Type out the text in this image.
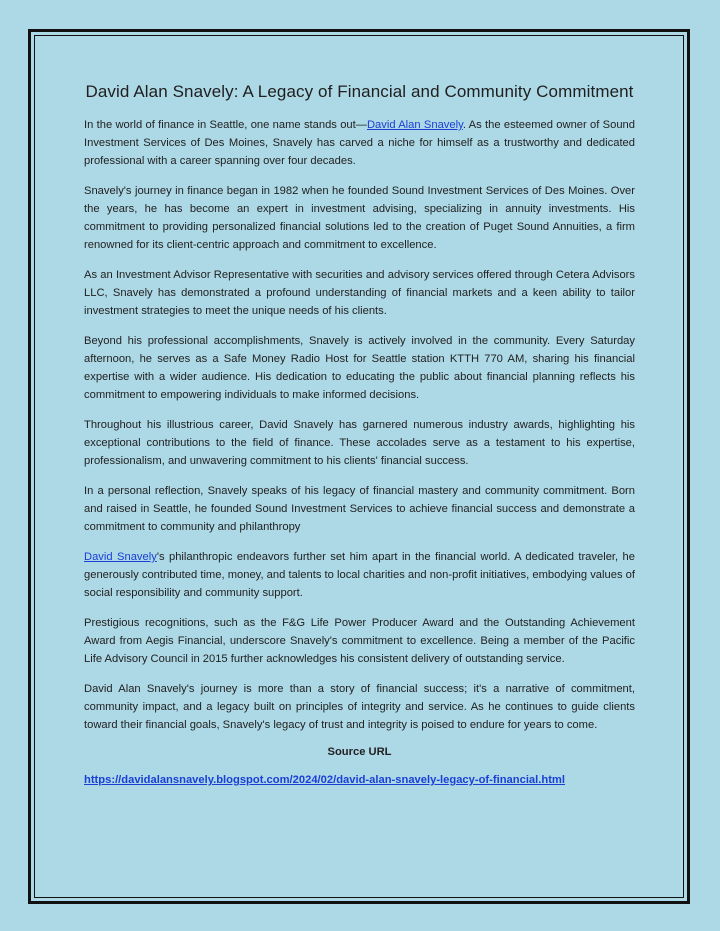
David Alan Snavely: A Legacy of Financial and Community Commitment

In the world of finance in Seattle, one name stands out—David Alan Snavely. As the esteemed owner of Sound Investment Services of Des Moines, Snavely has carved a niche for himself as a trustworthy and dedicated professional with a career spanning over four decades.

Snavely's journey in finance began in 1982 when he founded Sound Investment Services of Des Moines. Over the years, he has become an expert in investment advising, specializing in annuity investments. His commitment to providing personalized financial solutions led to the creation of Puget Sound Annuities, a firm renowned for its client-centric approach and commitment to excellence.

As an Investment Advisor Representative with securities and advisory services offered through Cetera Advisors LLC, Snavely has demonstrated a profound understanding of financial markets and a keen ability to tailor investment strategies to meet the unique needs of his clients.

Beyond his professional accomplishments, Snavely is actively involved in the community. Every Saturday afternoon, he serves as a Safe Money Radio Host for Seattle station KTTH 770 AM, sharing his financial expertise with a wider audience. His dedication to educating the public about financial planning reflects his commitment to empowering individuals to make informed decisions.

Throughout his illustrious career, David Snavely has garnered numerous industry awards, highlighting his exceptional contributions to the field of finance. These accolades serve as a testament to his expertise, professionalism, and unwavering commitment to his clients' financial success.

In a personal reflection, Snavely speaks of his legacy of financial mastery and community commitment. Born and raised in Seattle, he founded Sound Investment Services to achieve financial success and demonstrate a commitment to community and philanthropy

David Snavely's philanthropic endeavors further set him apart in the financial world. A dedicated traveler, he generously contributed time, money, and talents to local charities and non-profit initiatives, embodying values of social responsibility and community support.

Prestigious recognitions, such as the F&G Life Power Producer Award and the Outstanding Achievement Award from Aegis Financial, underscore Snavely's commitment to excellence. Being a member of the Pacific Life Advisory Council in 2015 further acknowledges his consistent delivery of outstanding service.

David Alan Snavely's journey is more than a story of financial success; it's a narrative of commitment, community impact, and a legacy built on principles of integrity and service. As he continues to guide clients toward their financial goals, Snavely's legacy of trust and integrity is poised to endure for years to come.

Source URL
https://davidalansnavely.blogspot.com/2024/02/david-alan-snavely-legacy-of-financial.html
